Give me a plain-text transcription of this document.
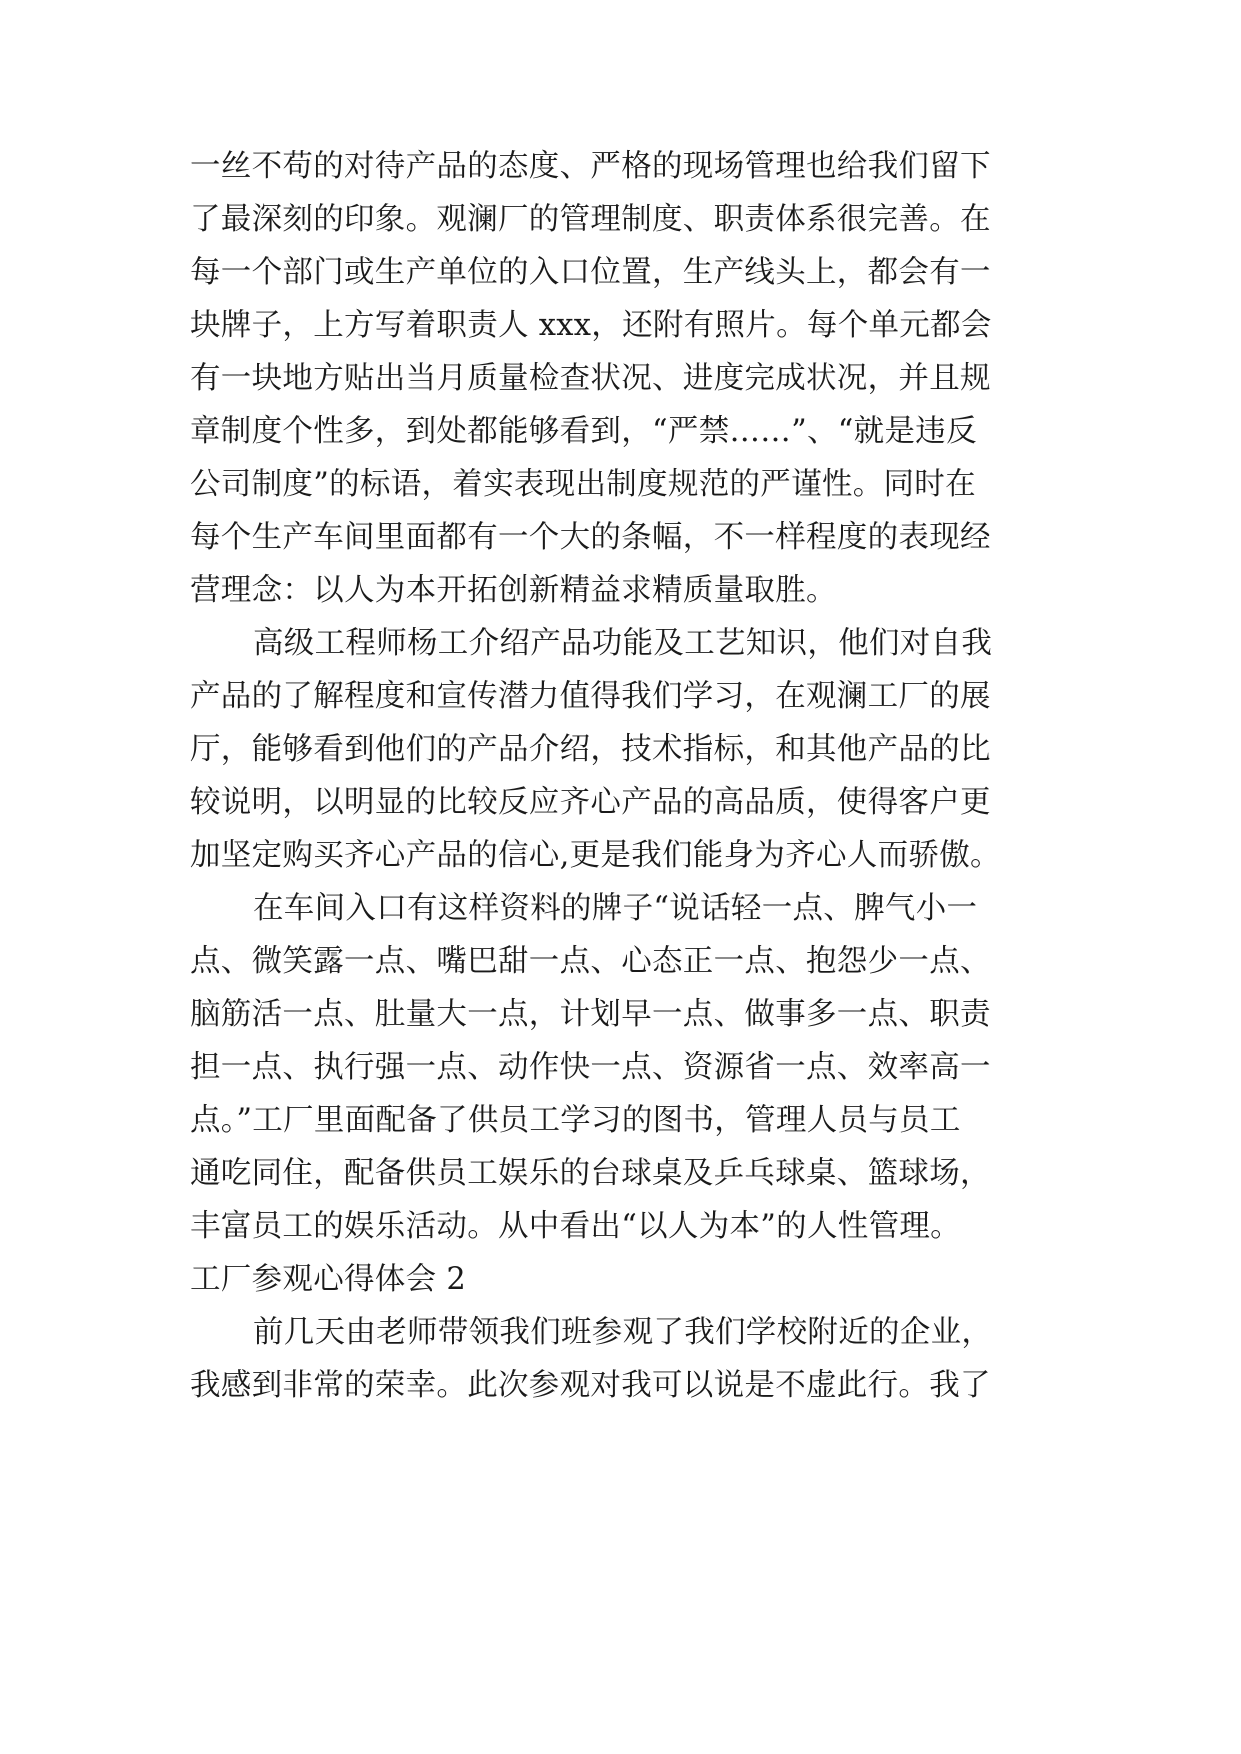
一丝不苟的对待产品的态度、严格的现场管理也给我们留下
了最深刻的印象。观澜厂的管理制度、职责体系很完善。在
每一个部门或生产单位的入口位置，生产线头上，都会有一
块牌子，上方写着职责人 xxx，还附有照片。每个单元都会
有一块地方贴出当月质量检查状况、进度完成状况，并且规
章制度个性多，到处都能够看到，“严禁……”、“就是违反
公司制度”的标语，着实表现出制度规范的严谨性。同时在
每个生产车间里面都有一个大的条幅，不一样程度的表现经
营理念：以人为本开拓创新精益求精质量取胜。
高级工程师杨工介绍产品功能及工艺知识，他们对自我
产品的了解程度和宣传潜力值得我们学习，在观澜工厂的展
厅，能够看到他们的产品介绍，技术指标，和其他产品的比
较说明，以明显的比较反应齐心产品的高品质，使得客户更
加坚定购买齐心产品的信心,更是我们能身为齐心人而骄傲。
在车间入口有这样资料的牌子“说话轻一点、脾气小一
点、微笑露一点、嘴巴甜一点、心态正一点、抱怨少一点、
脑筋活一点、肚量大一点，计划早一点、做事多一点、职责
担一点、执行强一点、动作快一点、资源省一点、效率高一
点。”工厂里面配备了供员工学习的图书，管理人员与员工
通吃同住，配备供员工娱乐的台球桌及乒乓球桌、篮球场，
丰富员工的娱乐活动。从中看出“以人为本”的人性管理。
工厂参观心得体会 2
前几天由老师带领我们班参观了我们学校附近的企业，
我感到非常的荣幸。此次参观对我可以说是不虚此行。我了
